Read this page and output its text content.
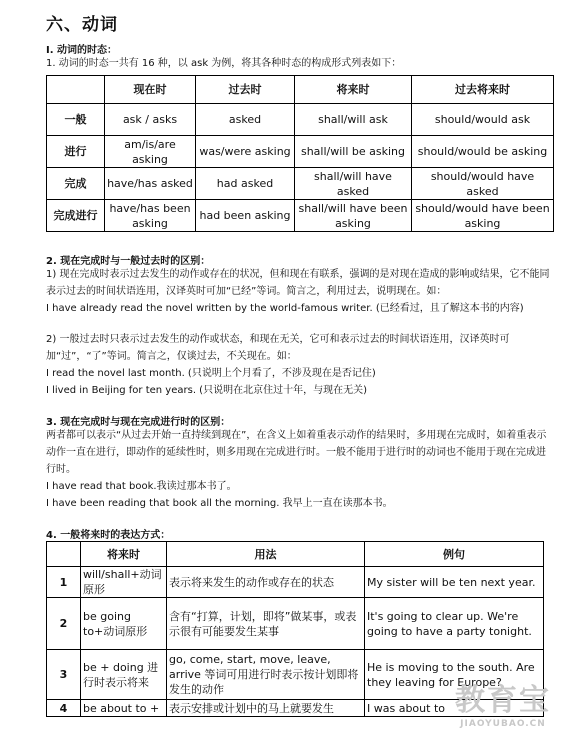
六、动词
I. 动词的时态：
1. 动词的时态一共有 16 种，以 ask 为例，将其各种时态的构成形式列表如下：
	现在时	过去时	将来时	过去将来时
一般	ask / asks	asked	shall/will ask	should/would ask
进行	am/is/are asking	was/were asking	shall/will be asking	should/would be asking
完成	have/has asked	had asked	shall/will have asked	should/would have asked
完成进行	have/has been asking	had been asking	shall/will have been asking	should/would have been asking
2. 现在完成时与一般过去时的区别：
1) 现在完成时表示过去发生的动作或存在的状况，但和现在有联系，强调的是对现在造成的影响或结果，它不能同表示过去的时间状语连用，汉译英时可加“已经”等词。简言之，利用过去，说明现在。如：
I have already read the novel written by the world-famous writer. (已经看过，且了解这本书的内容)
2) 一般过去时只表示过去发生的动作或状态，和现在无关，它可和表示过去的时间状语连用，汉译英时可加“过”，“了”等词。简言之，仅谈过去，不关现在。如：
I read the novel last month. (只说明上个月看了，不涉及现在是否记住)
I lived in Beijing for ten years. (只说明在北京住过十年，与现在无关)
3. 现在完成时与现在完成进行时的区别：
两者都可以表示“从过去开始一直持续到现在”，在含义上如着重表示动作的结果时，多用现在完成时，如着重表示动作一直在进行，即动作的延续性时，则多用现在完成进行时。一般不能用于进行时的动词也不能用于现在完成进行时。
I have read that book.我读过那本书了。
I have been reading that book all the morning. 我早上一直在读那本书。
4. 一般将来时的表达方式：
	将来时	用法	例句
1	will/shall+动词原形	表示将来发生的动作或存在的状态	My sister will be ten next year.
2	be going to+动词原形	含有“打算，计划，即将”做某事，或表示很有可能要发生某事	It's going to clear up. We're going to have a party tonight.
3	be + doing 进行时表示将来	go, come, start, move, leave, arrive 等词可用进行时表示按计划即将发生的动作	He is moving to the south. Are they leaving for Europe?
4	be about to +	表示安排或计划中的马上就要发生	I was about to 教育宝
JIAOYUBAO.CN
